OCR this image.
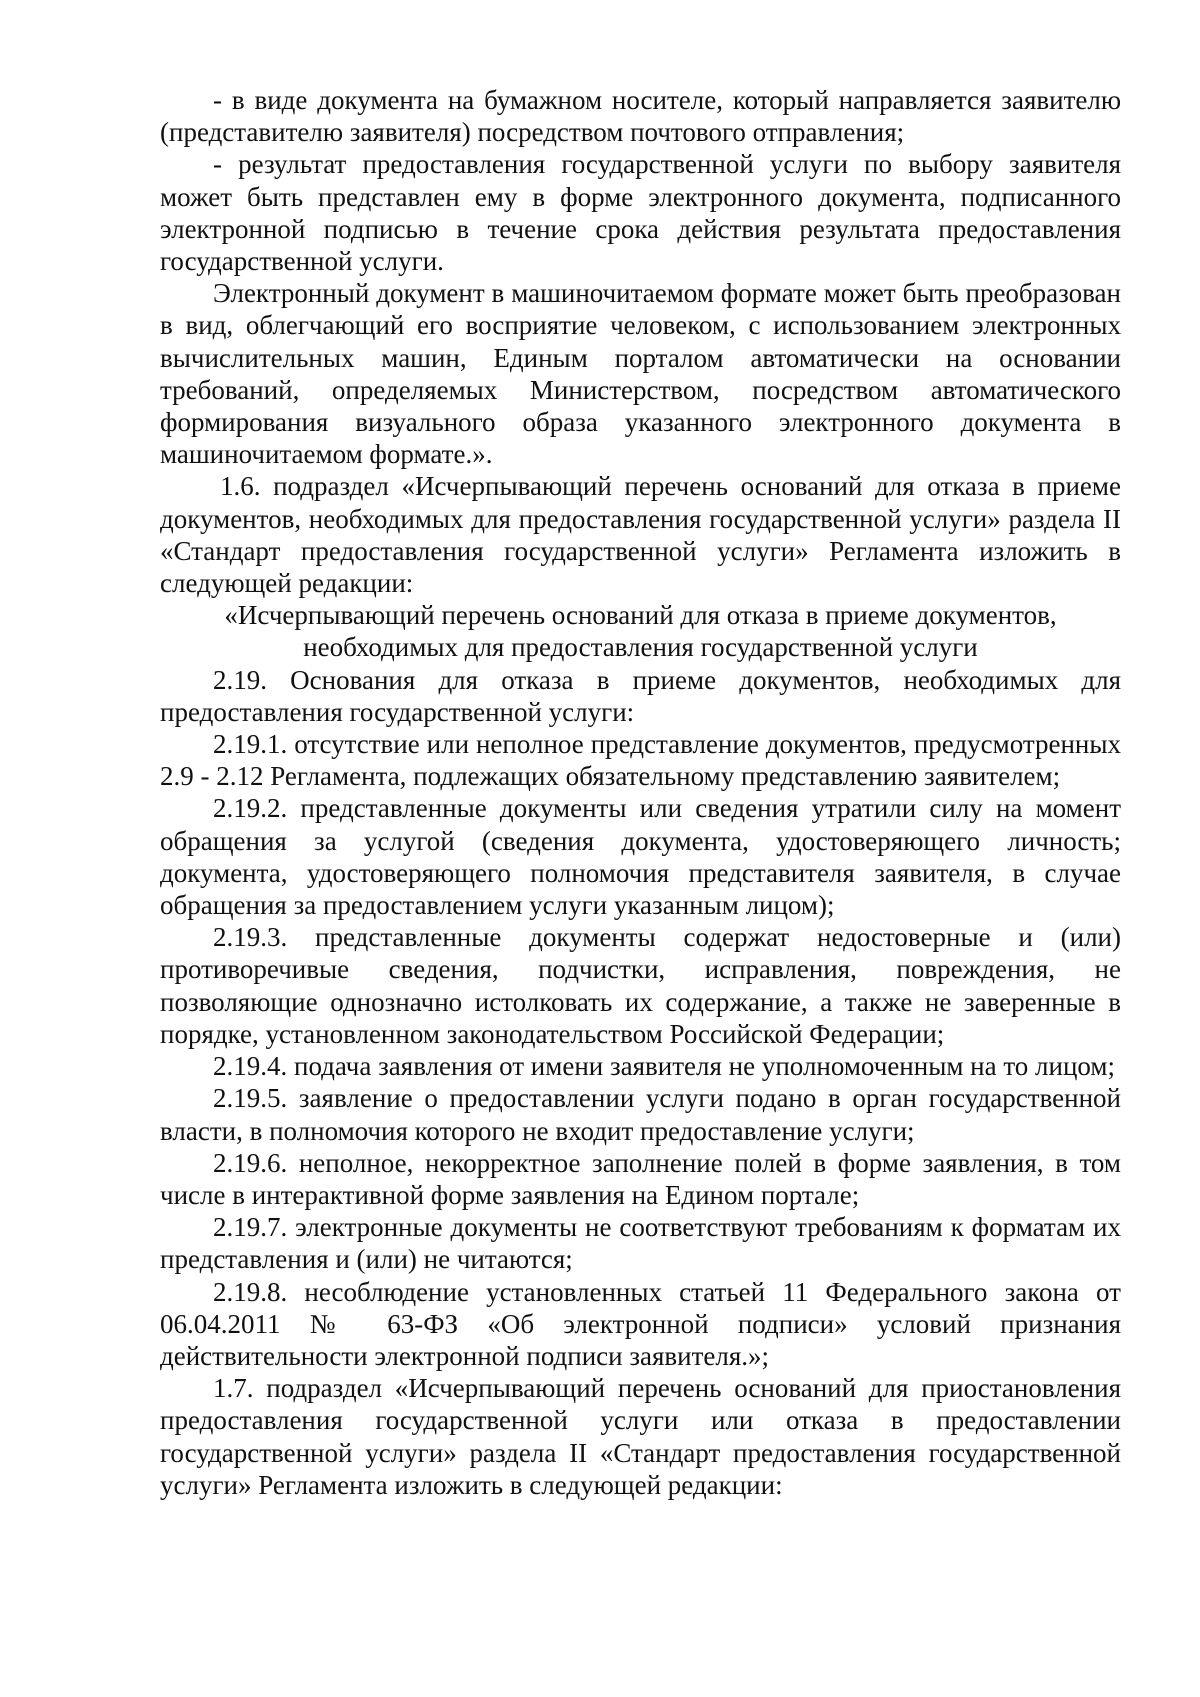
- в виде документа на бумажном носителе, который направляется заявителю (представителю заявителя) посредством почтового отправления;

- результат предоставления государственной услуги по выбору заявителя может быть представлен ему в форме электронного документа, подписанного электронной подписью в течение срока действия результата предоставления государственной услуги.

Электронный документ в машиночитаемом формате может быть преобразован в вид, облегчающий его восприятие человеком, с использованием электронных вычислительных машин, Единым порталом автоматически на основании требований, определяемых Министерством, посредством автоматического формирования визуального образа указанного электронного документа в машиночитаемом формате.».

1.6. подраздел «Исчерпывающий перечень оснований для отказа в приеме документов, необходимых для предоставления государственной услуги» раздела II «Стандарт предоставления государственной услуги» Регламента изложить в следующей редакции:

«Исчерпывающий перечень оснований для отказа в приеме документов,

необходимых для предоставления государственной услуги

2.19. Основания для отказа в приеме документов, необходимых для предоставления государственной услуги:

2.19.1. отсутствие или неполное представление документов, предусмотренных 2.9 - 2.12 Регламента, подлежащих обязательному представлению заявителем;

2.19.2. представленные документы или сведения утратили силу на момент обращения за услугой (сведения документа, удостоверяющего личность; документа, удостоверяющего полномочия представителя заявителя, в случае обращения за предоставлением услуги указанным лицом);

2.19.3. представленные документы содержат недостоверные и (или) противоречивые сведения, подчистки, исправления, повреждения, не позволяющие однозначно истолковать их содержание, а также не заверенные в порядке, установленном законодательством Российской Федерации;

2.19.4. подача заявления от имени заявителя не уполномоченным на то лицом;

2.19.5. заявление о предоставлении услуги подано в орган государственной власти, в полномочия которого не входит предоставление услуги;

2.19.6. неполное, некорректное заполнение полей в форме заявления, в том числе в интерактивной форме заявления на Едином портале;

2.19.7. электронные документы не соответствуют требованиям к форматам их представления и (или) не читаются;

2.19.8. несоблюдение установленных статьей 11 Федерального закона от 06.04.2011 № 63-ФЗ «Об электронной подписи» условий признания действительности электронной подписи заявителя.»;

1.7. подраздел «Исчерпывающий перечень оснований для приостановления предоставления государственной услуги или отказа в предоставлении государственной услуги» раздела II «Стандарт предоставления государственной услуги» Регламента изложить в следующей редакции:
